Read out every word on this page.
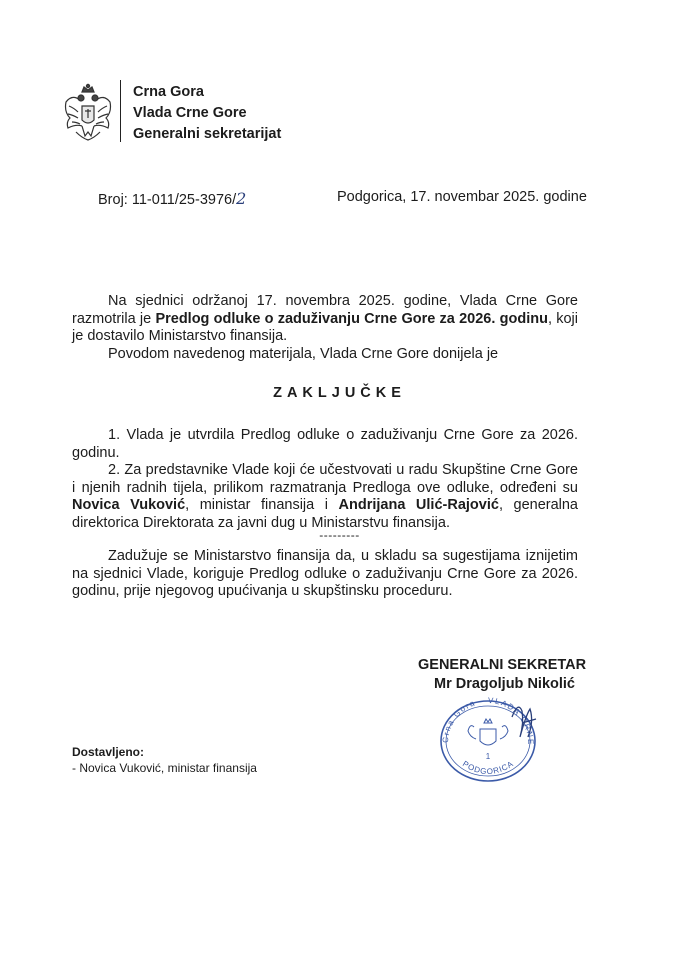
Crna Gora
Vlada Crne Gore
Generalni sekretarijat
Broj: 11-011/25-3976/2	Podgorica, 17. novembar 2025. godine
Na sjednici održanoj 17. novembra 2025. godine, Vlada Crne Gore razmotrila je Predlog odluke o zaduživanju Crne Gore za 2026. godinu, koji je dostavilo Ministarstvo finansija.
Povodom navedenog materijala, Vlada Crne Gore donijela je
ZAKLJUČKE
1. Vlada je utvrdila Predlog odluke o zaduživanju Crne Gore za 2026. godinu.
2. Za predstavnike Vlade koji će učestvovati u radu Skupštine Crne Gore i njenih radnih tijela, prilikom razmatranja Predloga ove odluke, određeni su Novica Vuković, ministar finansija i Andrijana Ulić-Rajović, generalna direktorica Direktorata za javni dug u Ministarstvu finansija.
---------
Zadužuje se Ministarstvo finansija da, u skladu sa sugestijama iznijetim na sjednici Vlade, koriguje Predlog odluke o zaduživanju Crne Gore za 2026. godinu, prije njegovog upućivanja u skupštinsku proceduru.
GENERALNI SEKRETAR
Mr Dragoljub Nikolić
Crna Gora · VLADA CRNE
1
PODGORICA
Dostavljeno:
- Novica Vuković, ministar finansija
